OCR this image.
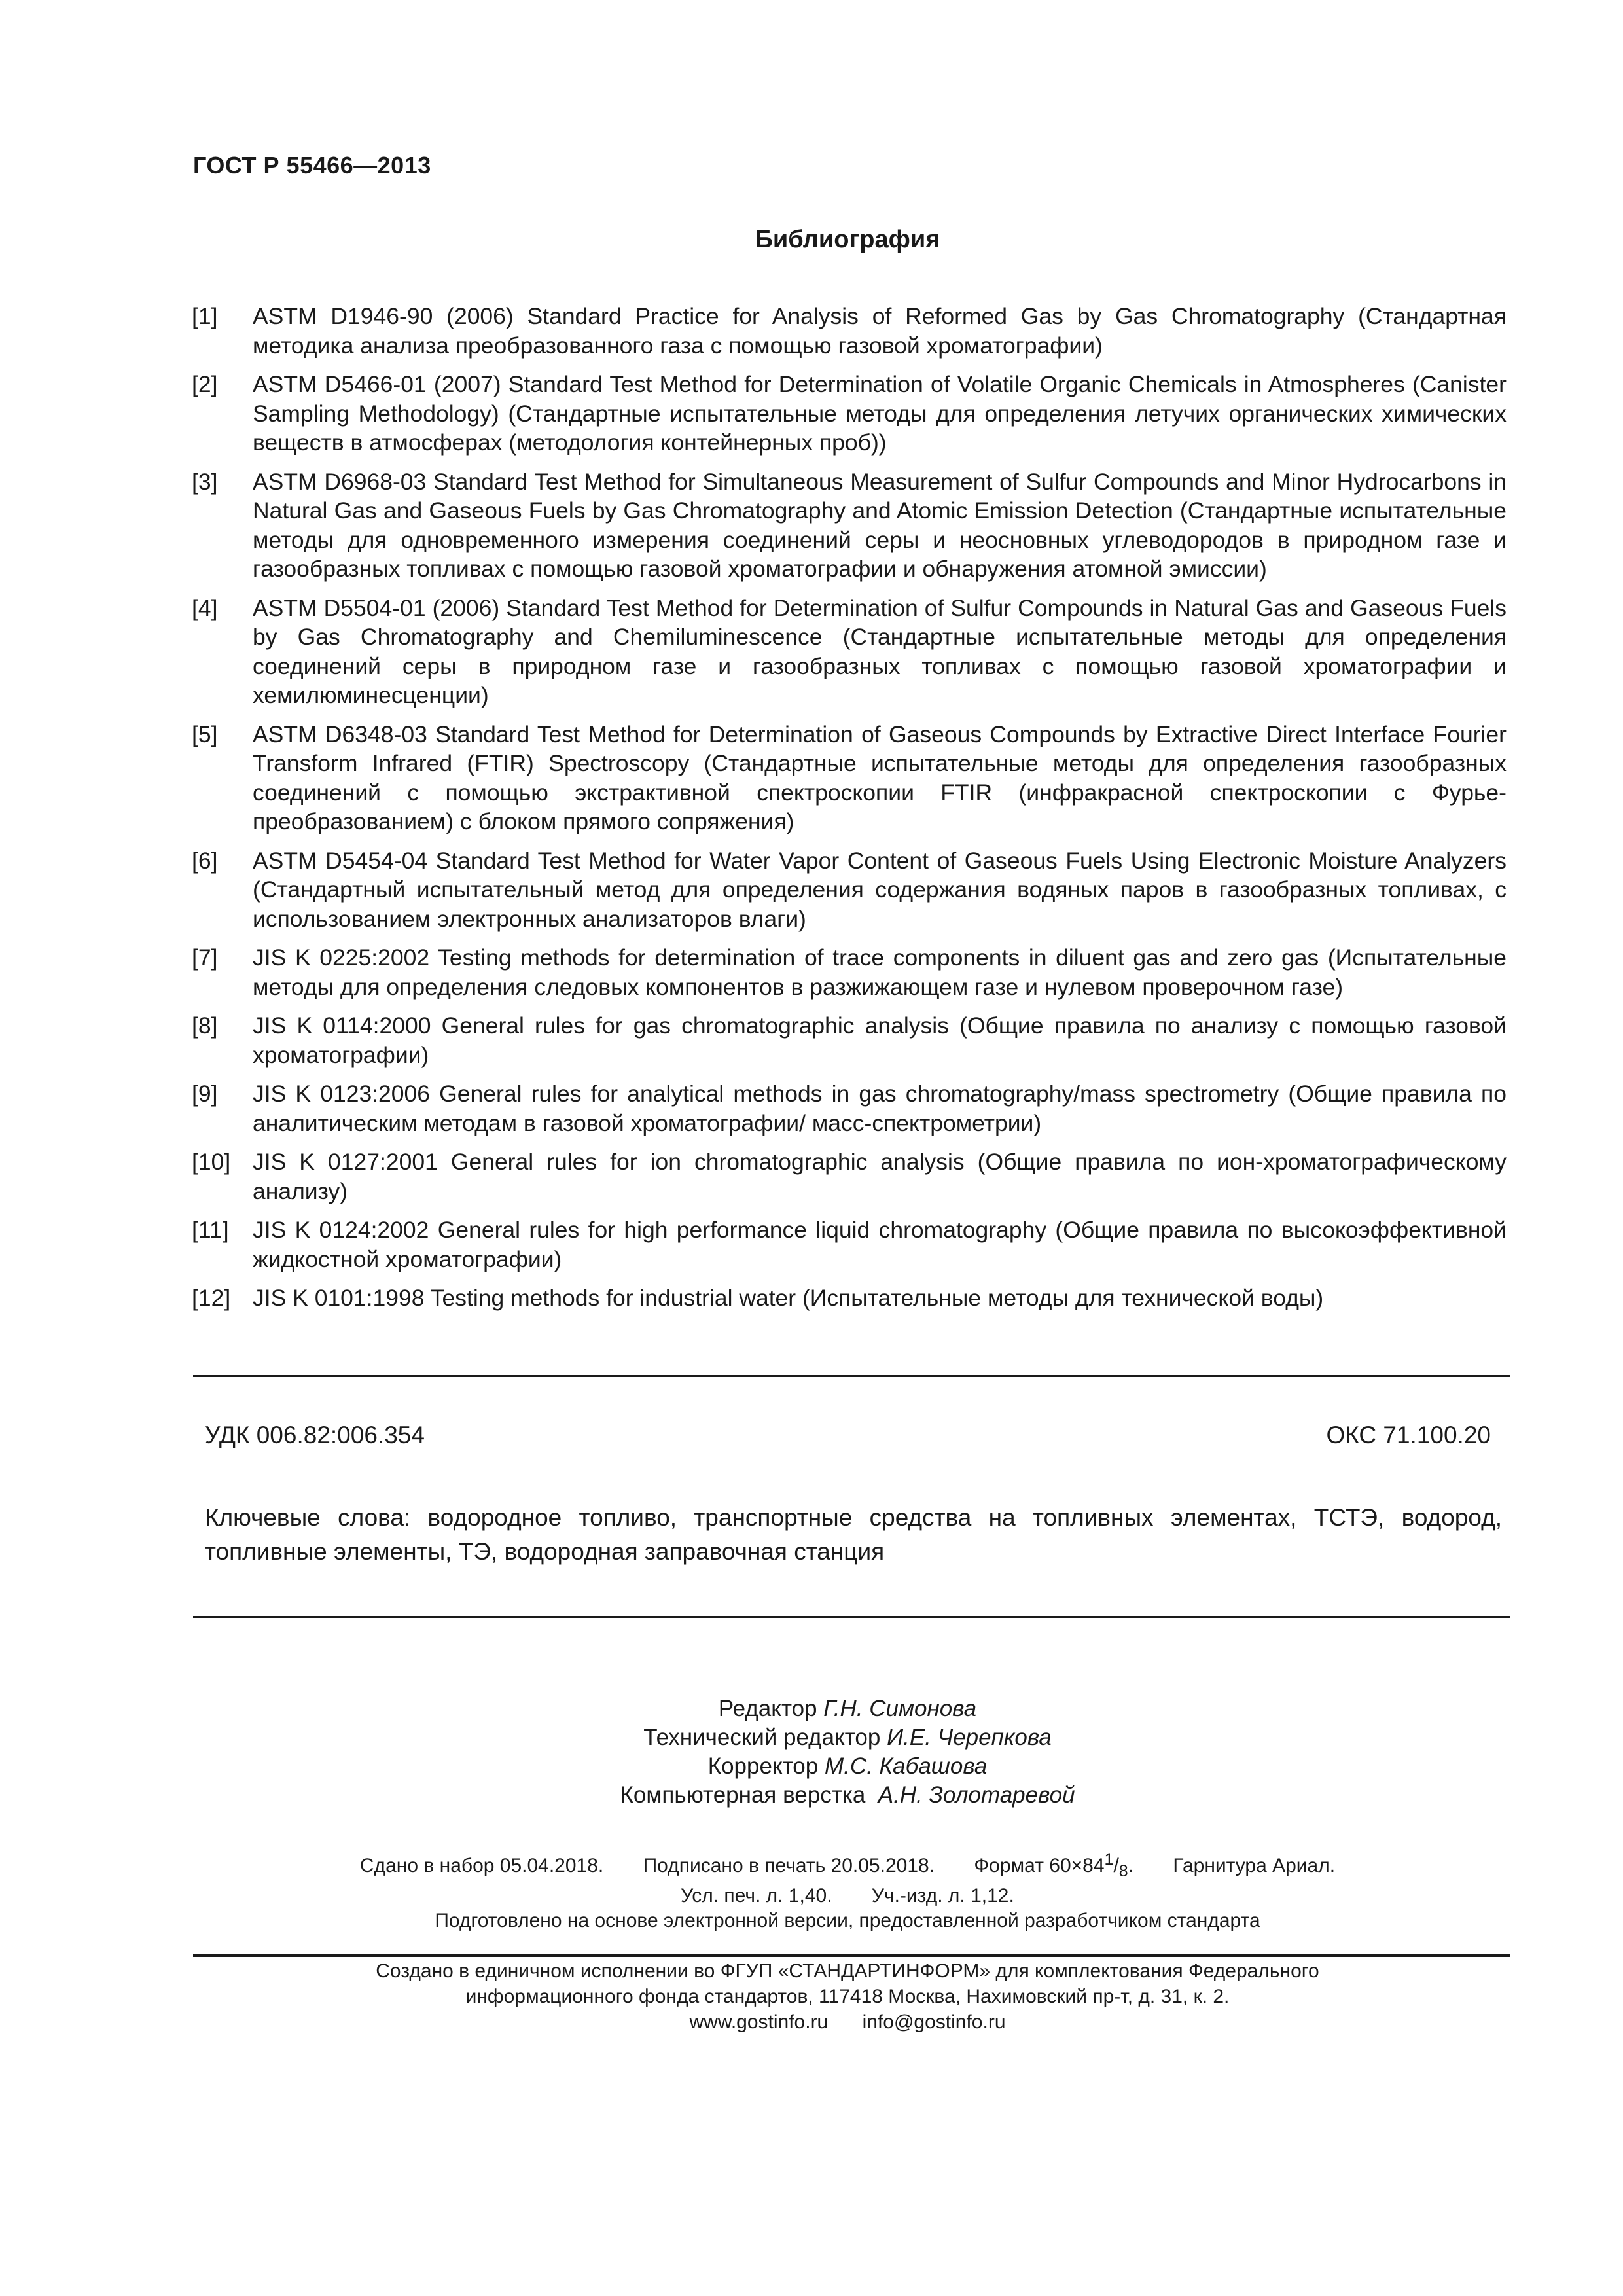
ГОСТ Р 55466—2013
Библиография
[1]	ASTM D1946-90 (2006) Standard Practice for Analysis of Reformed Gas by Gas Chromatography (Стандартная методика анализа преобразованного газа с помощью газовой хроматографии)
[2]	ASTM D5466-01 (2007) Standard Test Method for Determination of Volatile Organic Chemicals in Atmospheres (Canister Sampling Methodology) (Стандартные испытательные методы для определения летучих органических химических веществ в атмосферах (методология контейнерных проб))
[3]	ASTM D6968-03 Standard Test Method for Simultaneous Measurement of Sulfur Compounds and Minor Hydrocarbons in Natural Gas and Gaseous Fuels by Gas Chromatography and Atomic Emission Detection (Стандартные испытательные методы для одновременного измерения соединений серы и неосновных углеводородов в природном газе и газообразных топливах с помощью газовой хроматографии и обнаружения атомной эмиссии)
[4]	ASTM D5504-01 (2006) Standard Test Method for Determination of Sulfur Compounds in Natural Gas and Gaseous Fuels by Gas Chromatography and Chemiluminescence (Стандартные испытательные методы для определения соединений серы в природном газе и газообразных топливах с помощью газовой хроматографии и хемилюминесценции)
[5]	ASTM D6348-03 Standard Test Method for Determination of Gaseous Compounds by Extractive Direct Interface Fourier Transform Infrared (FTIR) Spectroscopy (Стандартные испытательные методы для определения газообразных соединений с помощью экстрактивной спектроскопии FTIR (инфракрасной спектроскопии с Фурье-преобразованием) с блоком прямого сопряжения)
[6]	ASTM D5454-04 Standard Test Method for Water Vapor Content of Gaseous Fuels Using Electronic Moisture Analyzers (Стандартный испытательный метод для определения содержания водяных паров в газообразных топливах, с использованием электронных анализаторов влаги)
[7]	JIS K 0225:2002 Testing methods for determination of trace components in diluent gas and zero gas (Испытательные методы для определения следовых компонентов в разжижающем газе и нулевом проверочном газе)
[8]	JIS K 0114:2000 General rules for gas chromatographic analysis (Общие правила по анализу с помощью газовой хроматографии)
[9]	JIS K 0123:2006 General rules for analytical methods in gas chromatography/mass spectrometry (Общие правила по аналитическим методам в газовой хроматографии/ масс-спектрометрии)
[10] JIS K 0127:2001 General rules for ion chromatographic analysis (Общие правила по ион-хроматографическому анализу)
[11]	JIS K 0124:2002 General rules for high performance liquid chromatography (Общие правила по высокоэффективной жидкостной хроматографии)
[12] JIS K 0101:1998 Testing methods for industrial water (Испытательные методы для технической воды)
УДК 006.82:006.354	ОКС 71.100.20
Ключевые слова: водородное топливо, транспортные средства на топливных элементах, ТСТЭ, водород, топливные элементы, ТЭ, водородная заправочная станция
Редактор Г.Н. Симонова
Технический редактор И.Е. Черепкова
Корректор М.С. Кабашова
Компьютерная верстка А.Н. Золотаревой
Сдано в набор 05.04.2018. Подписано в печать 20.05.2018. Формат $60\times 84^1/_8$. Гарнитура Ариал.
Усл. печ. л. 1,40. Уч.-изд. л. 1,12.
Подготовлено на основе электронной версии, предоставленной разработчиком стандарта
Создано в единичном исполнении во ФГУП «СТАНДАРТИНФОРМ» для комплектования Федерального
информационного фонда стандартов, 117418 Москва, Нахимовский пр-т, д. 31, к. 2.
www.gostinfo.ru info@gostinfo.ru
